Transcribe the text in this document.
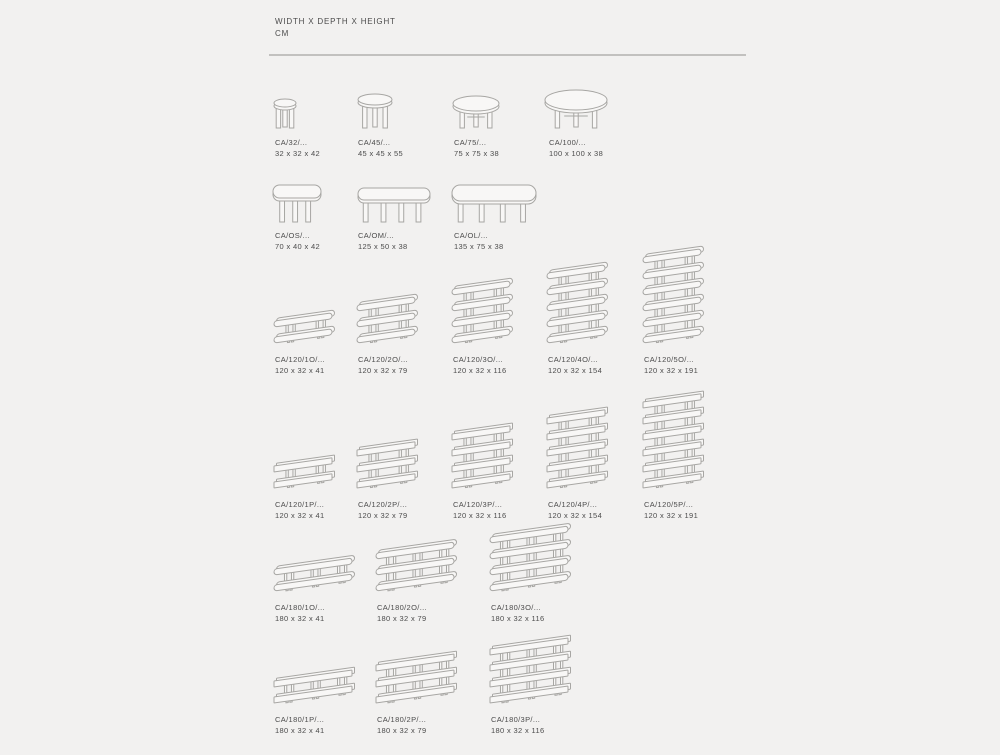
WIDTH X DEPTH X HEIGHT
CM
CA/32/...
32 x 32 x 42
CA/45/...
45 x 45 x 55
CA/75/...
75 x 75 x 38
CA/100/...
100 x 100 x 38
CA/OS/...
70 x 40 x 42
CA/OM/...
125 x 50 x 38
CA/OL/...
135 x 75 x 38
CA/120/1O/...
120 x 32 x 41
CA/120/2O/...
120 x 32 x 79
CA/120/3O/...
120 x 32 x 116
CA/120/4O/...
120 x 32 x 154
CA/120/5O/...
120 x 32 x 191
CA/120/1P/...
120 x 32 x 41
CA/120/2P/...
120 x 32 x 79
CA/120/3P/...
120 x 32 x 116
CA/120/4P/...
120 x 32 x 154
CA/120/5P/...
120 x 32 x 191
CA/180/1O/...
180 x 32 x 41
CA/180/2O/...
180 x 32 x 79
CA/180/3O/...
180 x 32 x 116
CA/180/1P/...
180 x 32 x 41
CA/180/2P/...
180 x 32 x 79
CA/180/3P/...
180 x 32 x 116
